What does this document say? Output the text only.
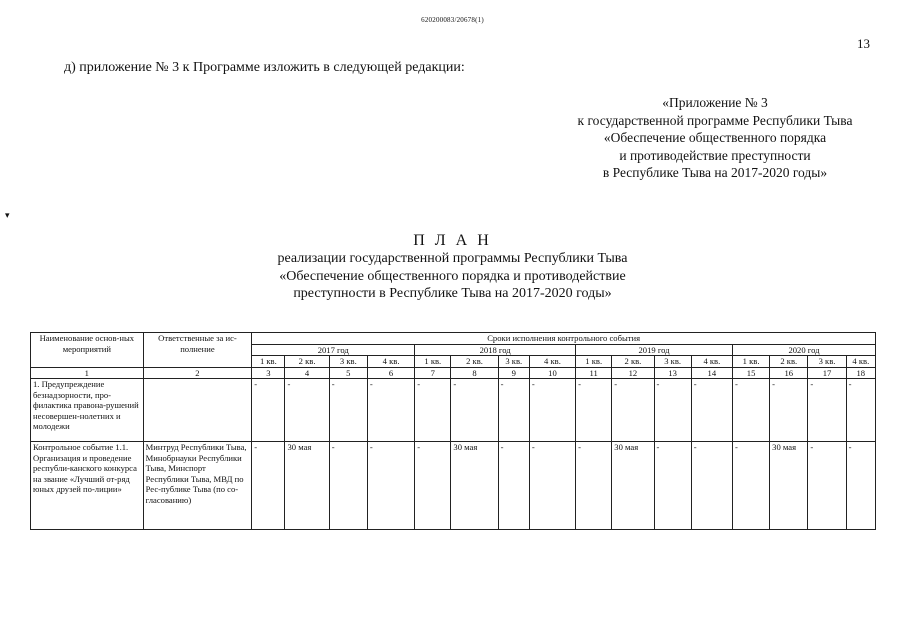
620200083/20678(1)
13
д) приложение № 3 к Программе изложить в следующей редакции:
«Приложение № 3
к государственной программе Республики Тыва
«Обеспечение общественного порядка
и противодействие преступности
в Республике Тыва на 2017-2020 годы»
▾
П Л А Н
реализации государственной программы Республики Тыва
«Обеспечение общественного порядка и противодействие
преступности в Республике Тыва на 2017-2020 годы»
Наименование основ-ных мероприятий	Ответственные за ис-полнение	Сроки исполнения контрольного события															
		2017 год				2018 год				2019 год				2020 год			
		1 кв.	2 кв.	3 кв.	4 кв.	1 кв.	2 кв.	3 кв.	4 кв.	1 кв.	2 кв.	3 кв.	4 кв.	1 кв.	2 кв.	3 кв.	4 кв.
1	2	3	4	5	6	7	8	9	10	11	12	13	14	15	16	17	18
1. Предупреждение безнадзорности, про-филактика правона-рушений несовершен-нолетних и молодежи		-	-	-	-	-	-	-	-	-	-	-	-	-	-	-	-
Контрольное событие 1.1. Организация и проведение республи-канского конкурса на звание «Лучший от-ряд юных друзей по-лиции»	Минтруд Республики Тыва, Минобрнауки Республики Тыва, Минспорт Республики Тыва, МВД по Рес-публике Тыва (по со-гласованию)	-	30 мая	-	-	-	30 мая	-	-	-	30 мая	-	-	-	30 мая	-	-
